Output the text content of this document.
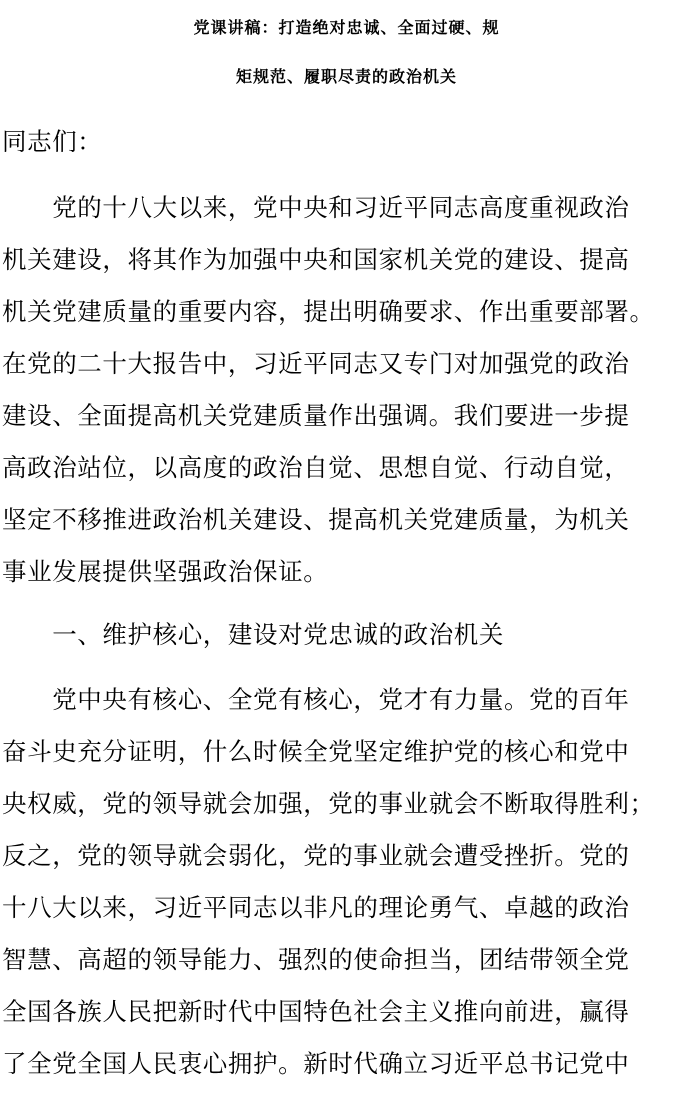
党课讲稿：打造绝对忠诚、全面过硬、规
矩规范、履职尽责的政治机关
同志们：
　　党的十八大以来，党中央和习近平同志高度重视政治
机关建设，将其作为加强中央和国家机关党的建设、提高
机关党建质量的重要内容，提出明确要求、作出重要部署。
在党的二十大报告中，习近平同志又专门对加强党的政治
建设、全面提高机关党建质量作出强调。我们要进一步提
高政治站位，以高度的政治自觉、思想自觉、行动自觉，
坚定不移推进政治机关建设、提高机关党建质量，为机关
事业发展提供坚强政治保证。
　　一、维护核心，建设对党忠诚的政治机关
　　党中央有核心、全党有核心，党才有力量。党的百年
奋斗史充分证明，什么时候全党坚定维护党的核心和党中
央权威，党的领导就会加强，党的事业就会不断取得胜利；
反之，党的领导就会弱化，党的事业就会遭受挫折。党的
十八大以来，习近平同志以非凡的理论勇气、卓越的政治
智慧、高超的领导能力、强烈的使命担当，团结带领全党
全国各族人民把新时代中国特色社会主义推向前进，赢得
了全党全国人民衷心拥护。新时代确立习近平总书记党中
